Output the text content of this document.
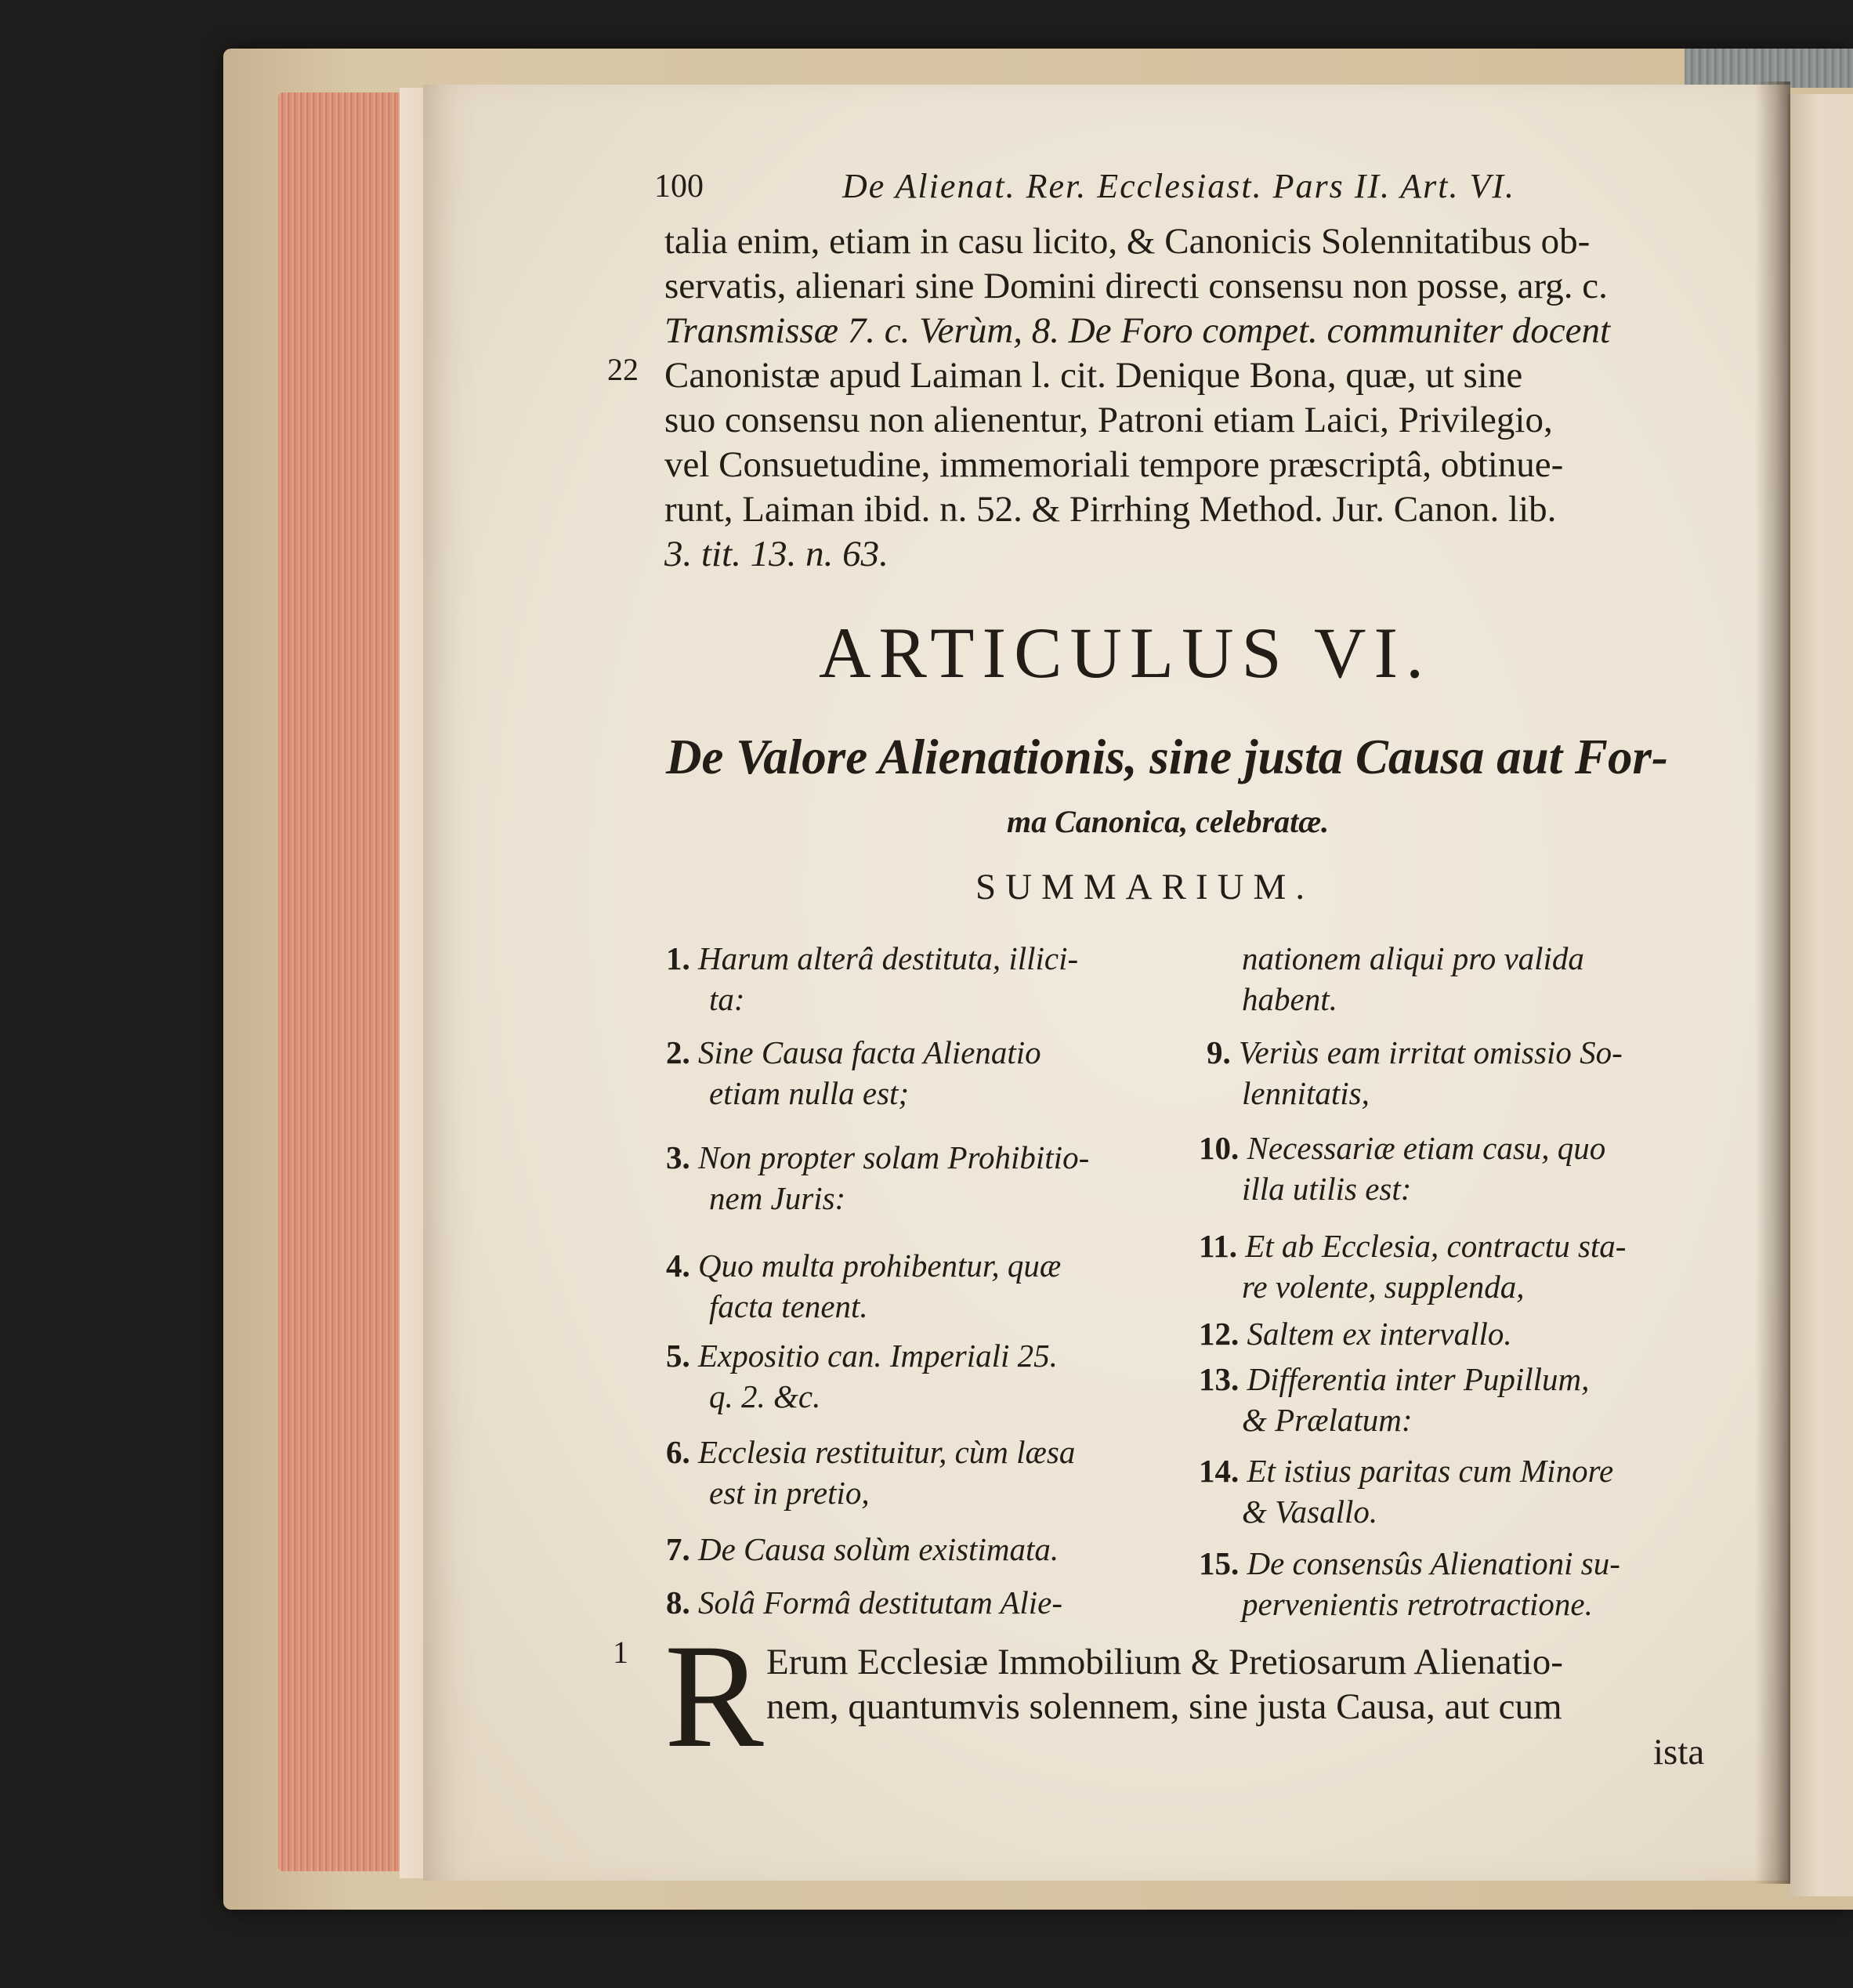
100	De Alienat. Rer. Ecclesiast. Pars II. Art. VI.
22
talia enim, etiam in casu licito, & Canonicis Solennitatibus ob-
servatis, alienari sine Domini directi consensu non posse, arg. c.
Transmissæ 7. c. Verùm, 8. De Foro compet. communiter docent
Canonistæ apud Laiman l. cit. Denique Bona, quæ, ut sine
suo consensu non alienentur, Patroni etiam Laici, Privilegio,
vel Consuetudine, immemoriali tempore præscriptâ, obtinue-
runt, Laiman ibid. n. 52. & Pirrhing Method. Jur. Canon. lib.
3. tit. 13. n. 63.
ARTICULUS VI.
De Valore Alienationis, sine justa Causa aut For-
ma Canonica, celebratæ.
SUMMARIUM.
1. Harum alterâ destituta, illici-
ta:
2. Sine Causa facta Alienatio
etiam nulla est;
3. Non propter solam Prohibitio-
nem Juris:
4. Quo multa prohibentur, quæ
facta tenent.
5. Expositio can. Imperiali 25.
q. 2. &c.
6. Ecclesia restituitur, cùm læsa
est in pretio,
7. De Causa solùm existimata.
8. Solâ Formâ destitutam Alie-
nationem aliqui pro valida
habent.
9. Veriùs eam irritat omissio So-
lennitatis,
10. Necessariæ etiam casu, quo
illa utilis est:
11. Et ab Ecclesia, contractu sta-
re volente, supplenda,
12. Saltem ex intervallo.
13. Differentia inter Pupillum,
& Prælatum:
14. Et istius paritas cum Minore
& Vasallo.
15. De consensûs Alienationi su-
pervenientis retrotractione.
1 R Erum Ecclesiæ Immobilium & Pretiosarum Alienatio-
nem, quantumvis solennem, sine justa Causa, aut cum
ista
